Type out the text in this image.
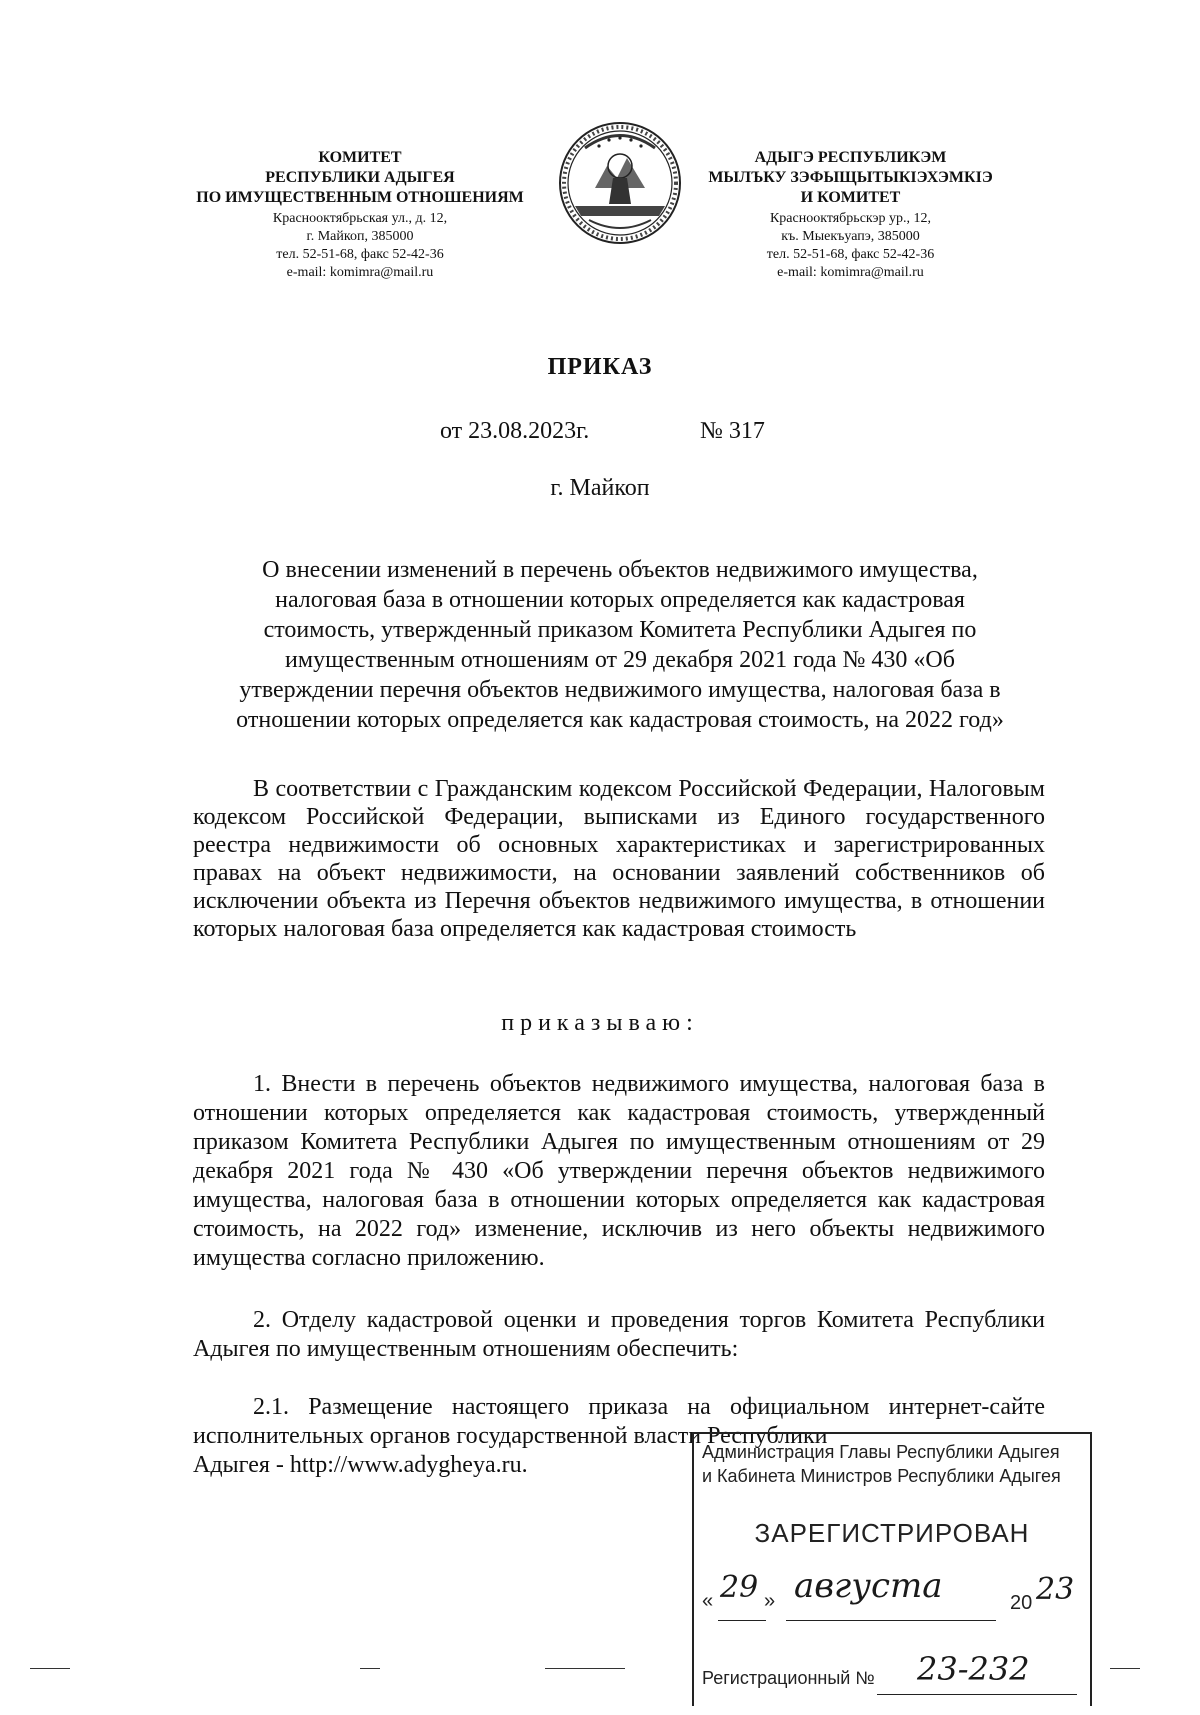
КОМИТЕТ
РЕСПУБЛИКИ АДЫГЕЯ
ПО ИМУЩЕСТВЕННЫМ ОТНОШЕНИЯМ
Краснооктябрьская ул., д. 12,
г. Майкоп, 385000
тел. 52-51-68, факс 52-42-36
e-mail: komimra@mail.ru
АДЫГЭ РЕСПУБЛИКЭМ
МЫЛЪКУ ЗЭФЫЩЫТЫКIЭХЭМКIЭ
И КОМИТЕТ
Краснооктябрьскэр ур., 12,
къ. Мыекъуапэ, 385000
тел. 52-51-68, факс 52-42-36
e-mail: komimra@mail.ru
ПРИКАЗ
от 23.08.2023г.	№ 317
г. Майкоп
О внесении изменений в перечень объектов недвижимого имущества,
налоговая база в отношении которых определяется как кадастровая
стоимость, утвержденный приказом Комитета Республики Адыгея по
имущественным отношениям от 29 декабря 2021 года № 430 «Об
утверждении перечня объектов недвижимого имущества, налоговая база в
отношении которых определяется как кадастровая стоимость, на 2022 год»
В соответствии с Гражданским кодексом Российской Федерации, Налоговым кодексом Российской Федерации, выписками из Единого государственного реестра недвижимости об основных характеристиках и зарегистрированных правах на объект недвижимости, на основании заявлений собственников об исключении объекта из Перечня объектов недвижимого имущества, в отношении которых налоговая база определяется как кадастровая стоимость
приказываю:
1. Внести в перечень объектов недвижимого имущества, налоговая база в отношении которых определяется как кадастровая стоимость, утвержденный приказом Комитета Республики Адыгея по имущественным отношениям от 29 декабря 2021 года № 430 «Об утверждении перечня объектов недвижимого имущества, налоговая база в отношении которых определяется как кадастровая стоимость, на 2022 год» изменение, исключив из него объекты недвижимого имущества согласно приложению.
2. Отделу кадастровой оценки и проведения торгов Комитета Республики Адыгея по имущественным отношениям обеспечить:
2.1. Размещение настоящего приказа на официальном интернет-сайте исполнительных органов государственной власти Республики
Адыгея - http://www.adygheya.ru.	Администрация Главы Республики Адыгея
и Кабинета Министров Республики Адыгея
ЗАРЕГИСТРИРОВАН
« 29 » августа	20 23
Регистрационный № 23-232
